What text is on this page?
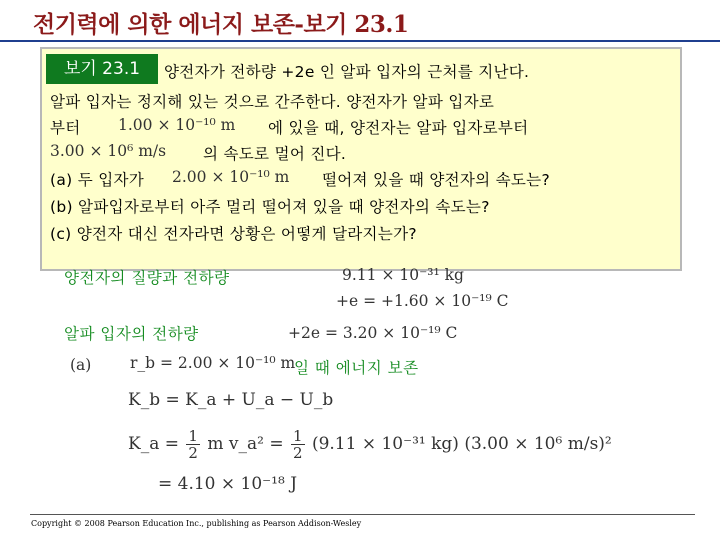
전기력에 의한 에너지 보존-보기 23.1
보기 23.1	양전자가 전하량 +2e 인 알파 입자의 근처를 지난다.
알파 입자는 정지해 있는 것으로 간주한다. 양전자가 알파 입자로
부터 1.00 × 10⁻¹⁰ m 에 있을 때, 양전자는 알파 입자로부터
3.00 × 10⁶ m/s 의 속도로 멀어 진다.
(a) 두 입자가 2.00 × 10⁻¹⁰ m 떨어져 있을 때 양전자의 속도는?
(b) 알파입자로부터 아주 멀리 떨어져 있을 때 양전자의 속도는?
(c) 양전자 대신 전자라면 상황은 어떻게 달라지는가?
양전자의 질량과 전하량	9.11 × 10⁻³¹ kg
+e = +1.60 × 10⁻¹⁹ C
알파 입자의 전하량	+2e = 3.20 × 10⁻¹⁹ C
(a) r_b = 2.00 × 10⁻¹⁰ m
일 때 에너지 보존
K_b = K_a + U_a − U_b
K_a = $\frac{1}{2}$ m v_a² = $\frac{1}{2} (9.11 \times 10^{-31}$ kg) (3.00 × 10⁶ m/s)²
= 4.10 × 10⁻¹⁸ J
Copyright © 2008 Pearson Education Inc., publishing as Pearson Addison-Wesley
